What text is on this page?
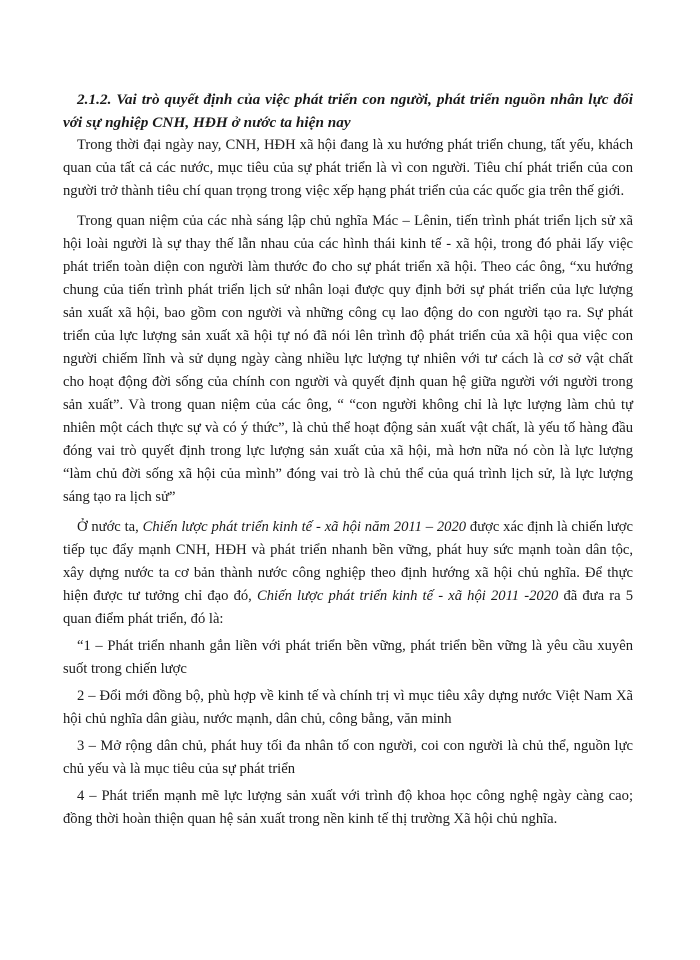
2.1.2. Vai trò quyết định của việc phát triển con người, phát triển nguồn nhân lực đối với sự nghiệp CNH, HĐH ở nước ta hiện nay

Trong thời đại ngày nay, CNH, HĐH xã hội đang là xu hướng phát triển chung, tất yếu, khách quan của tất cả các nước, mục tiêu của sự phát triển là vì con người. Tiêu chí phát triển của con người trở thành tiêu chí quan trọng trong việc xếp hạng phát triển của các quốc gia trên thế giới.

Trong quan niệm của các nhà sáng lập chủ nghĩa Mác – Lênin, tiến trình phát triển lịch sử xã hội loài người là sự thay thế lẫn nhau của các hình thái kinh tế - xã hội, trong đó phải lấy việc phát triển toàn diện con người làm thước đo cho sự phát triển xã hội. Theo các ông, “xu hướng chung của tiến trình phát triển lịch sử nhân loại được quy định bởi sự phát triển của lực lượng sản xuất xã hội, bao gồm con người và những công cụ lao động do con người tạo ra. Sự phát triển của lực lượng sản xuất xã hội tự nó đã nói lên trình độ phát triển của xã hội qua việc con người chiếm lĩnh và sử dụng ngày càng nhiều lực lượng tự nhiên với tư cách là cơ sở vật chất cho hoạt động đời sống của chính con người và quyết định quan hệ giữa người với người trong sản xuất”. Và trong quan niệm của các ông, “ “con người không chỉ là lực lượng làm chủ tự nhiên một cách thực sự và có ý thức”, là chủ thể hoạt động sản xuất vật chất, là yếu tố hàng đầu đóng vai trò quyết định trong lực lượng sản xuất của xã hội, mà hơn nữa nó còn là lực lượng “làm chủ đời sống xã hội của mình” đóng vai trò là chủ thể của quá trình lịch sử, là lực lượng sáng tạo ra lịch sử”

Ở nước ta, Chiến lược phát triển kinh tế - xã hội năm 2011 – 2020 được xác định là chiến lược tiếp tục đẩy mạnh CNH, HĐH và phát triển nhanh bền vững, phát huy sức mạnh toàn dân tộc, xây dựng nước ta cơ bản thành nước công nghiệp theo định hướng xã hội chủ nghĩa. Để thực hiện được tư tưởng chỉ đạo đó, Chiến lược phát triển kinh tế - xã hội 2011 -2020 đã đưa ra 5 quan điểm phát triển, đó là:

“1 – Phát triển nhanh gắn liền với phát triển bền vững, phát triển bền vững là yêu cầu xuyên suốt trong chiến lược

2 – Đổi mới đồng bộ, phù hợp về kinh tế và chính trị vì mục tiêu xây dựng nước Việt Nam Xã hội chủ nghĩa dân giàu, nước mạnh, dân chủ, công bằng, văn minh

3 – Mở rộng dân chủ, phát huy tối đa nhân tố con người, coi con người là chủ thể, nguồn lực chủ yếu và là mục tiêu của sự phát triển

4 – Phát triển mạnh mẽ lực lượng sản xuất với trình độ khoa học công nghệ ngày càng cao; đồng thời hoàn thiện quan hệ sản xuất trong nền kinh tế thị trường Xã hội chủ nghĩa.
